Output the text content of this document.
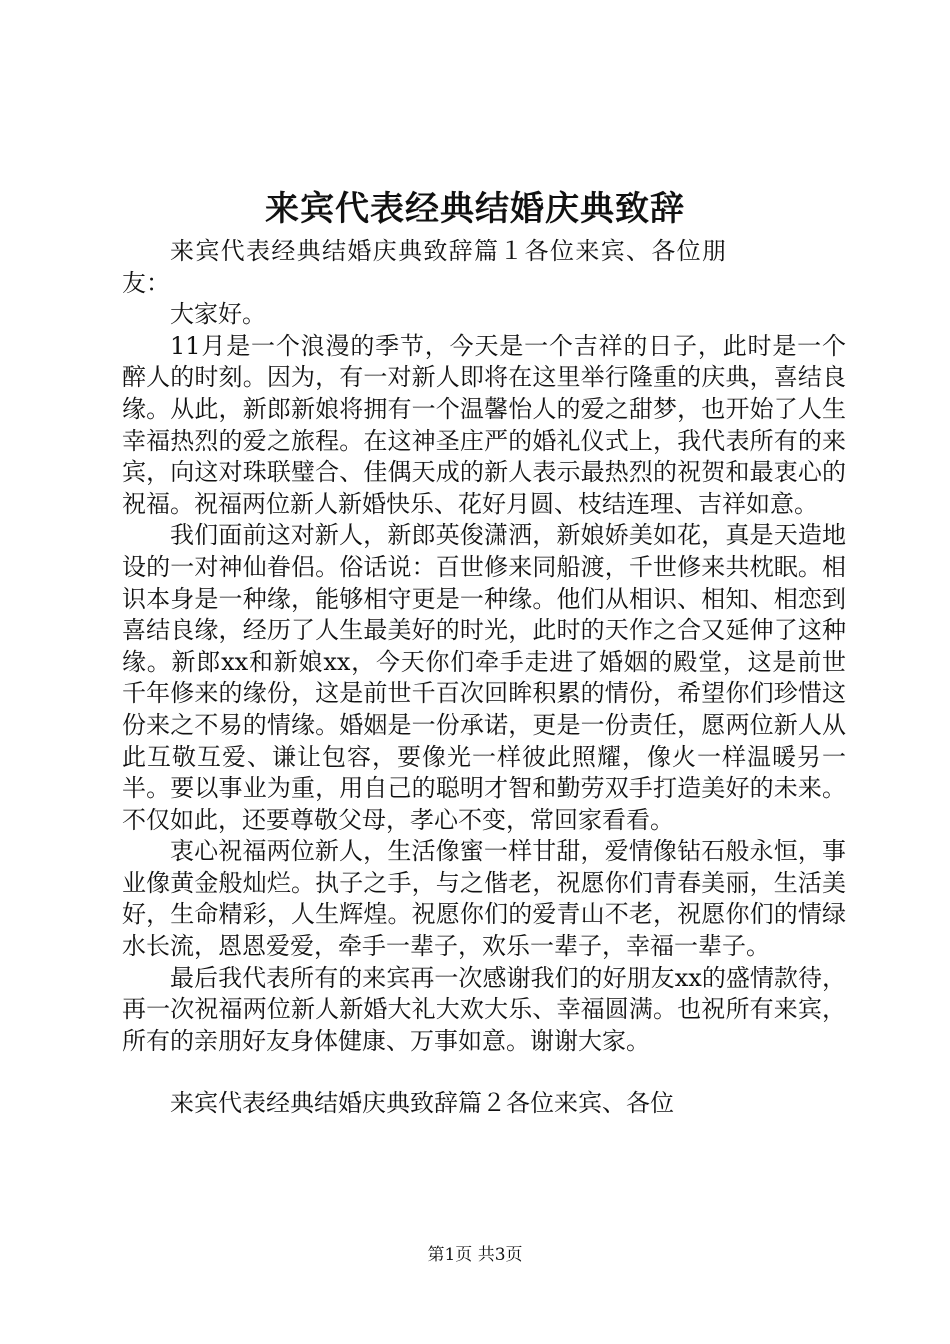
来宾代表经典结婚庆典致辞

来宾代表经典结婚庆典致辞篇１各位来宾、各位朋友：

大家好。

11月是一个浪漫的季节，今天是一个吉祥的日子，此时是一个醉人的时刻。因为，有一对新人即将在这里举行隆重的庆典，喜结良缘。从此，新郎新娘将拥有一个温馨怡人的爱之甜梦，也开始了人生幸福热烈的爱之旅程。在这神圣庄严的婚礼仪式上，我代表所有的来宾，向这对珠联璧合、佳偶天成的新人表示最热烈的祝贺和最衷心的祝福。祝福两位新人新婚快乐、花好月圆、枝结连理、吉祥如意。

我们面前这对新人，新郎英俊潇洒，新娘娇美如花，真是天造地设的一对神仙眷侣。俗话说：百世修来同船渡，千世修来共枕眠。相识本身是一种缘，能够相守更是一种缘。他们从相识、相知、相恋到喜结良缘，经历了人生最美好的时光，此时的天作之合又延伸了这种缘。新郎xx和新娘xx，今天你们牵手走进了婚姻的殿堂，这是前世千年修来的缘份，这是前世千百次回眸积累的情份，希望你们珍惜这份来之不易的情缘。婚姻是一份承诺，更是一份责任，愿两位新人从此互敬互爱、谦让包容，要像光一样彼此照耀，像火一样温暖另一半。要以事业为重，用自己的聪明才智和勤劳双手打造美好的未来。不仅如此，还要尊敬父母，孝心不变，常回家看看。

衷心祝福两位新人，生活像蜜一样甘甜，爱情像钻石般永恒，事业像黄金般灿烂。执子之手，与之偕老，祝愿你们青春美丽，生活美好，生命精彩，人生辉煌。祝愿你们的爱青山不老，祝愿你们的情绿水长流，恩恩爱爱，牵手一辈子，欢乐一辈子，幸福一辈子。

最后我代表所有的来宾再一次感谢我们的好朋友xx的盛情款待，再一次祝福两位新人新婚大礼大欢大乐、幸福圆满。也祝所有来宾，所有的亲朋好友身体健康、万事如意。谢谢大家。

来宾代表经典结婚庆典致辞篇２各位来宾、各位

第1页 共3页
